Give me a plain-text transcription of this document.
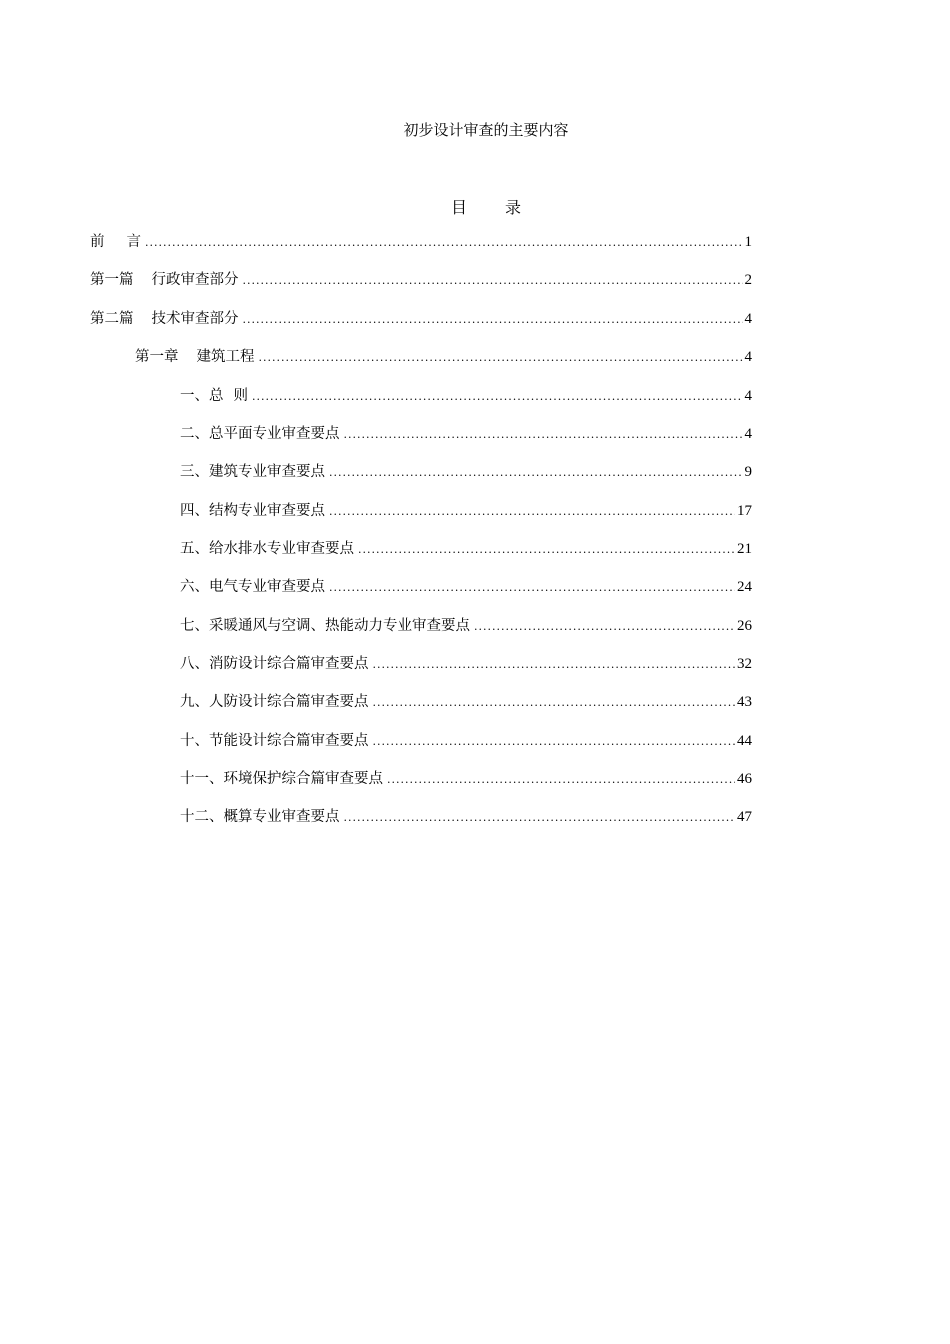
初步设计审查的主要内容
目 录
前 言 .....	1
第一篇 行政审查部分 .....	2
第二篇 技术审查部分 .....	4
第一章 建筑工程 .....	4
一、总 则 .....	4
二、总平面专业审查要点 .....	4
三、建筑专业审查要点 .....	9
四、结构专业审查要点 .....	17
五、给水排水专业审查要点 .....	21
六、电气专业审查要点 .....	24
七、采暖通风与空调、热能动力专业审查要点 .....	26
八、消防设计综合篇审查要点 .....	32
九、人防设计综合篇审查要点 .....	43
十、节能设计综合篇审查要点 .....	44
十一、环境保护综合篇审查要点 .....	46
十二、概算专业审查要点 .....	47
